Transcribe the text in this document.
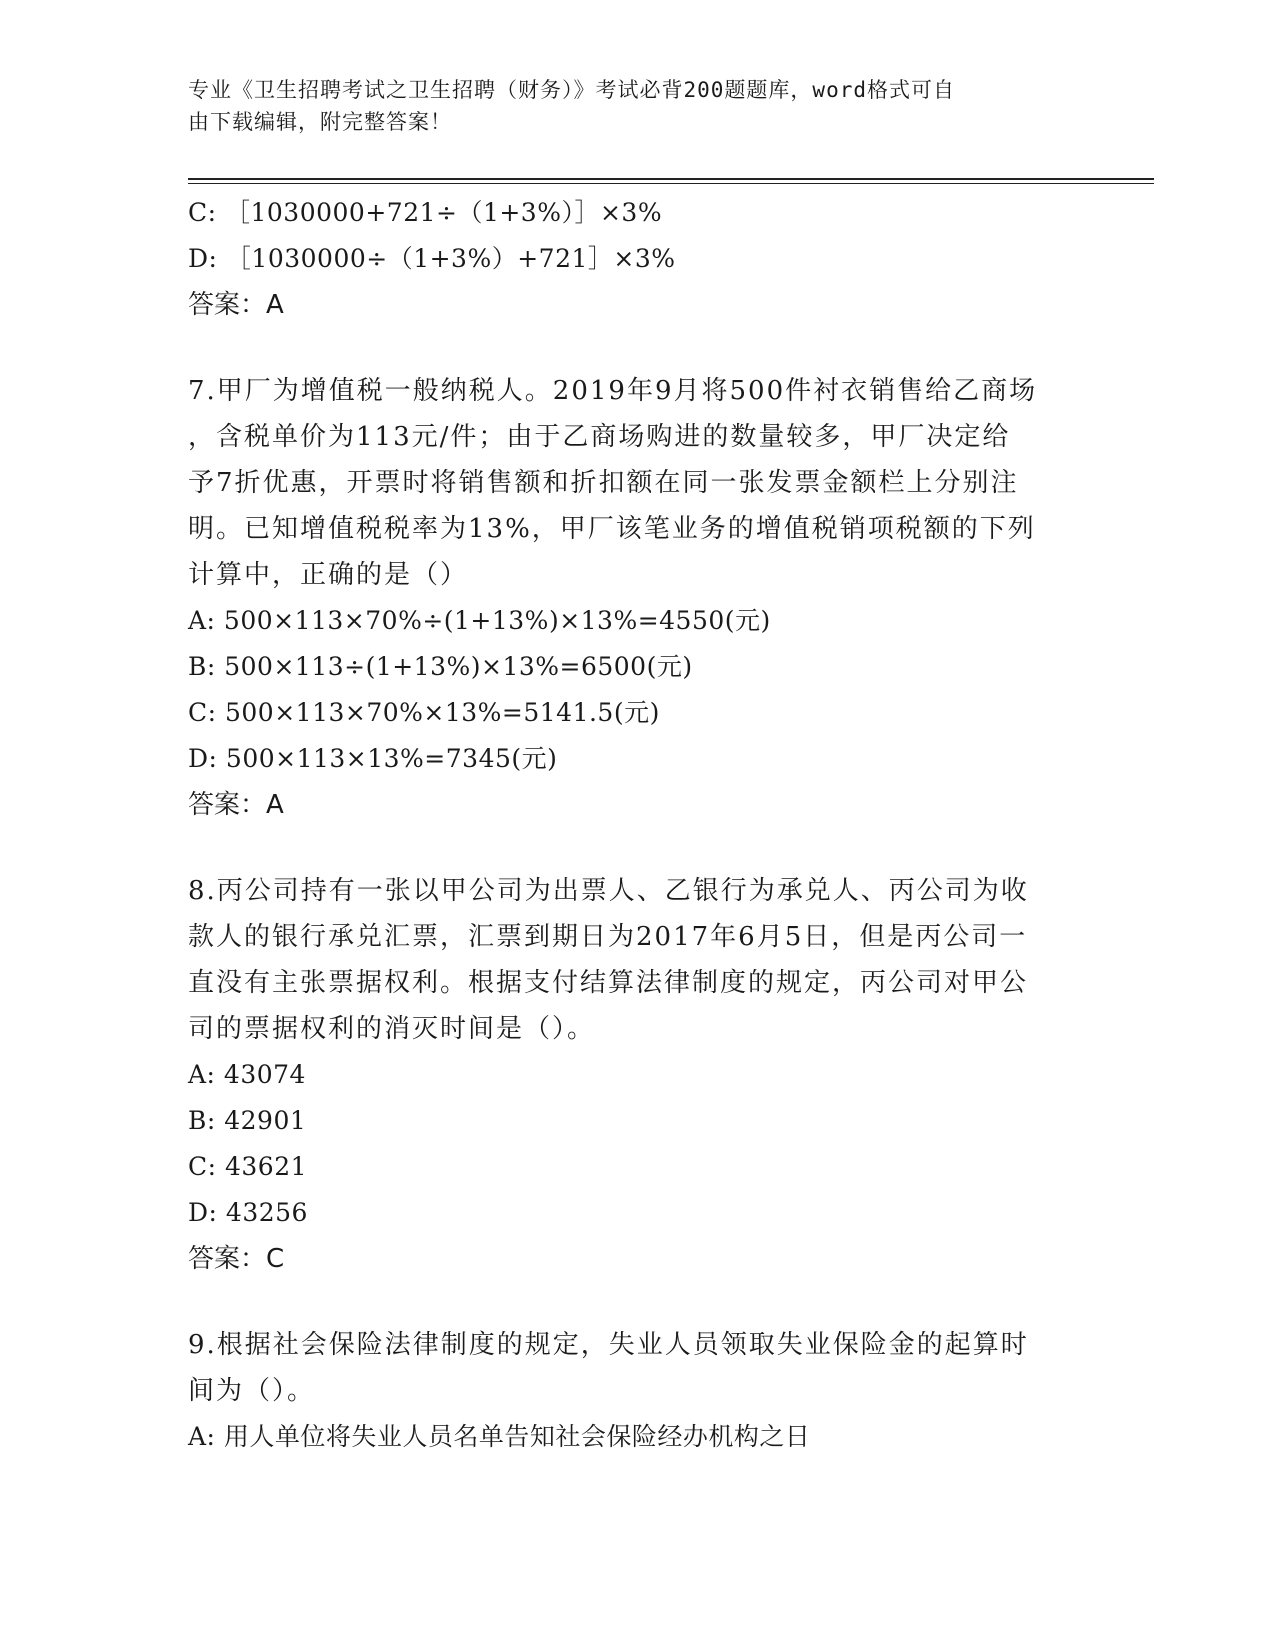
专业《卫生招聘考试之卫生招聘（财务）》考试必背200题题库，word格式可自
由下载编辑，附完整答案！
C: ［1030000+721÷（1+3%）］×3%
D: ［1030000÷（1+3%）+721］×3%
答案：A
7.甲厂为增值税一般纳税人。2019年9月将500件衬衣销售给乙商场
，含税单价为113元/件；由于乙商场购进的数量较多，甲厂决定给
予7折优惠，开票时将销售额和折扣额在同一张发票金额栏上分别注
明。已知增值税税率为13%，甲厂该笔业务的增值税销项税额的下列
计算中，正确的是（）
A: 500×113×70%÷(1+13%)×13%=4550(元)
B: 500×113÷(1+13%)×13%=6500(元)
C: 500×113×70%×13%=5141.5(元)
D: 500×113×13%=7345(元)
答案：A
8.丙公司持有一张以甲公司为出票人、乙银行为承兑人、丙公司为收
款人的银行承兑汇票，汇票到期日为2017年6月5日，但是丙公司一
直没有主张票据权利。根据支付结算法律制度的规定，丙公司对甲公
司的票据权利的消灭时间是（）。
A: 43074
B: 42901
C: 43621
D: 43256
答案：C
9.根据社会保险法律制度的规定，失业人员领取失业保险金的起算时
间为（）。
A: 用人单位将失业人员名单告知社会保险经办机构之日
